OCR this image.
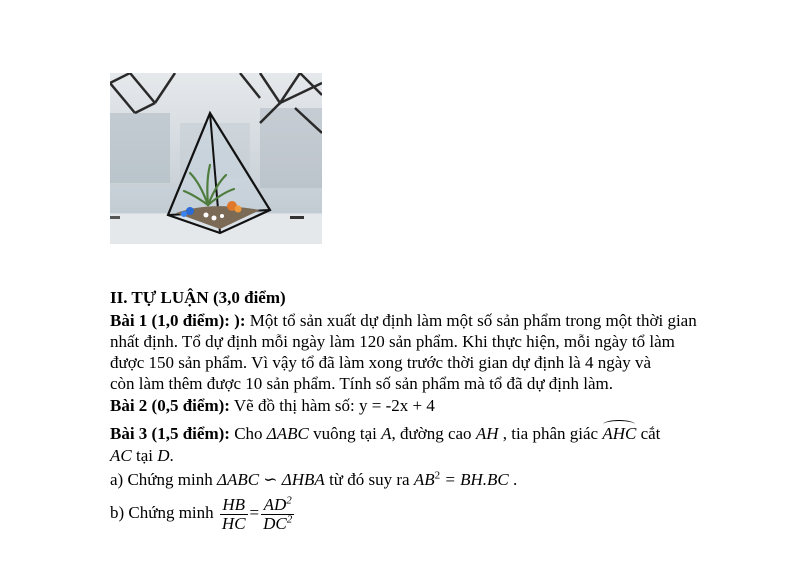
II. TỰ LUẬN (3,0 điểm)
Bài 1 (1,0 điểm): ): Một tổ sản xuất dự định làm một số sản phẩm trong một thời gian
nhất định. Tổ dự định mỗi ngày làm 120 sản phẩm. Khi thực hiện, mỗi ngày tổ làm
được 150 sản phẩm. Vì vậy tổ đã làm xong trước thời gian dự định là 4 ngày và
còn làm thêm được 10 sản phẩm. Tính số sản phẩm mà tổ đã dự định làm.
Bài 2 (0,5 điểm): Vẽ đồ thị hàm số: y = -2x + 4
Bài 3 (1,5 điểm): Cho ΔABC vuông tại A, đường cao AH , tia phân giác AHC cắt
AC tại D.
a) Chứng minh ΔABC ∽ ΔHBA từ đó suy ra $AB^2 = BH.BC$ .
b) Chứng minh $\frac{HB}{HC} = \frac{AD^2}{DC^2}$
